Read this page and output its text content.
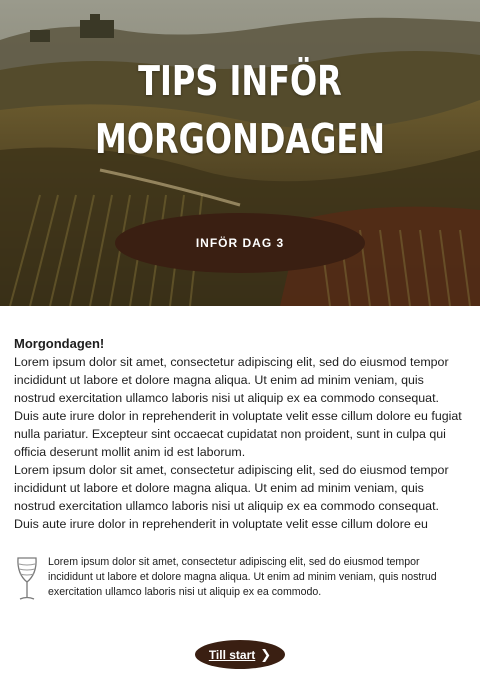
TIPS INFÖR
MORGONDAGEN
INFÖR DAG 3
Morgondagen!

Lorem ipsum dolor sit amet, consectetur adipiscing elit, sed do eiusmod tempor incididunt ut labore et dolore magna aliqua. Ut enim ad minim veniam, quis nostrud exercitation ullamco laboris nisi ut aliquip ex ea commodo consequat. Duis aute irure dolor in reprehenderit in voluptate velit esse cillum dolore eu fugiat nulla pariatur. Excepteur sint occaecat cupidatat non proident, sunt in culpa qui officia deserunt mollit anim id est laborum.

Lorem ipsum dolor sit amet, consectetur adipiscing elit, sed do eiusmod tempor incididunt ut labore et dolore magna aliqua. Ut enim ad minim veniam, quis nostrud exercitation ullamco laboris nisi ut aliquip ex ea commodo consequat. Duis aute irure dolor in reprehenderit in voluptate velit esse cillum dolore eu

Lorem ipsum dolor sit amet, consectetur adipiscing elit, sed do eiusmod tempor incididunt ut labore et dolore magna aliqua. Ut enim ad minim veniam, quis nostrud exercitation ullamco laboris nisi ut aliquip ex ea commodo.
Till start ❯
